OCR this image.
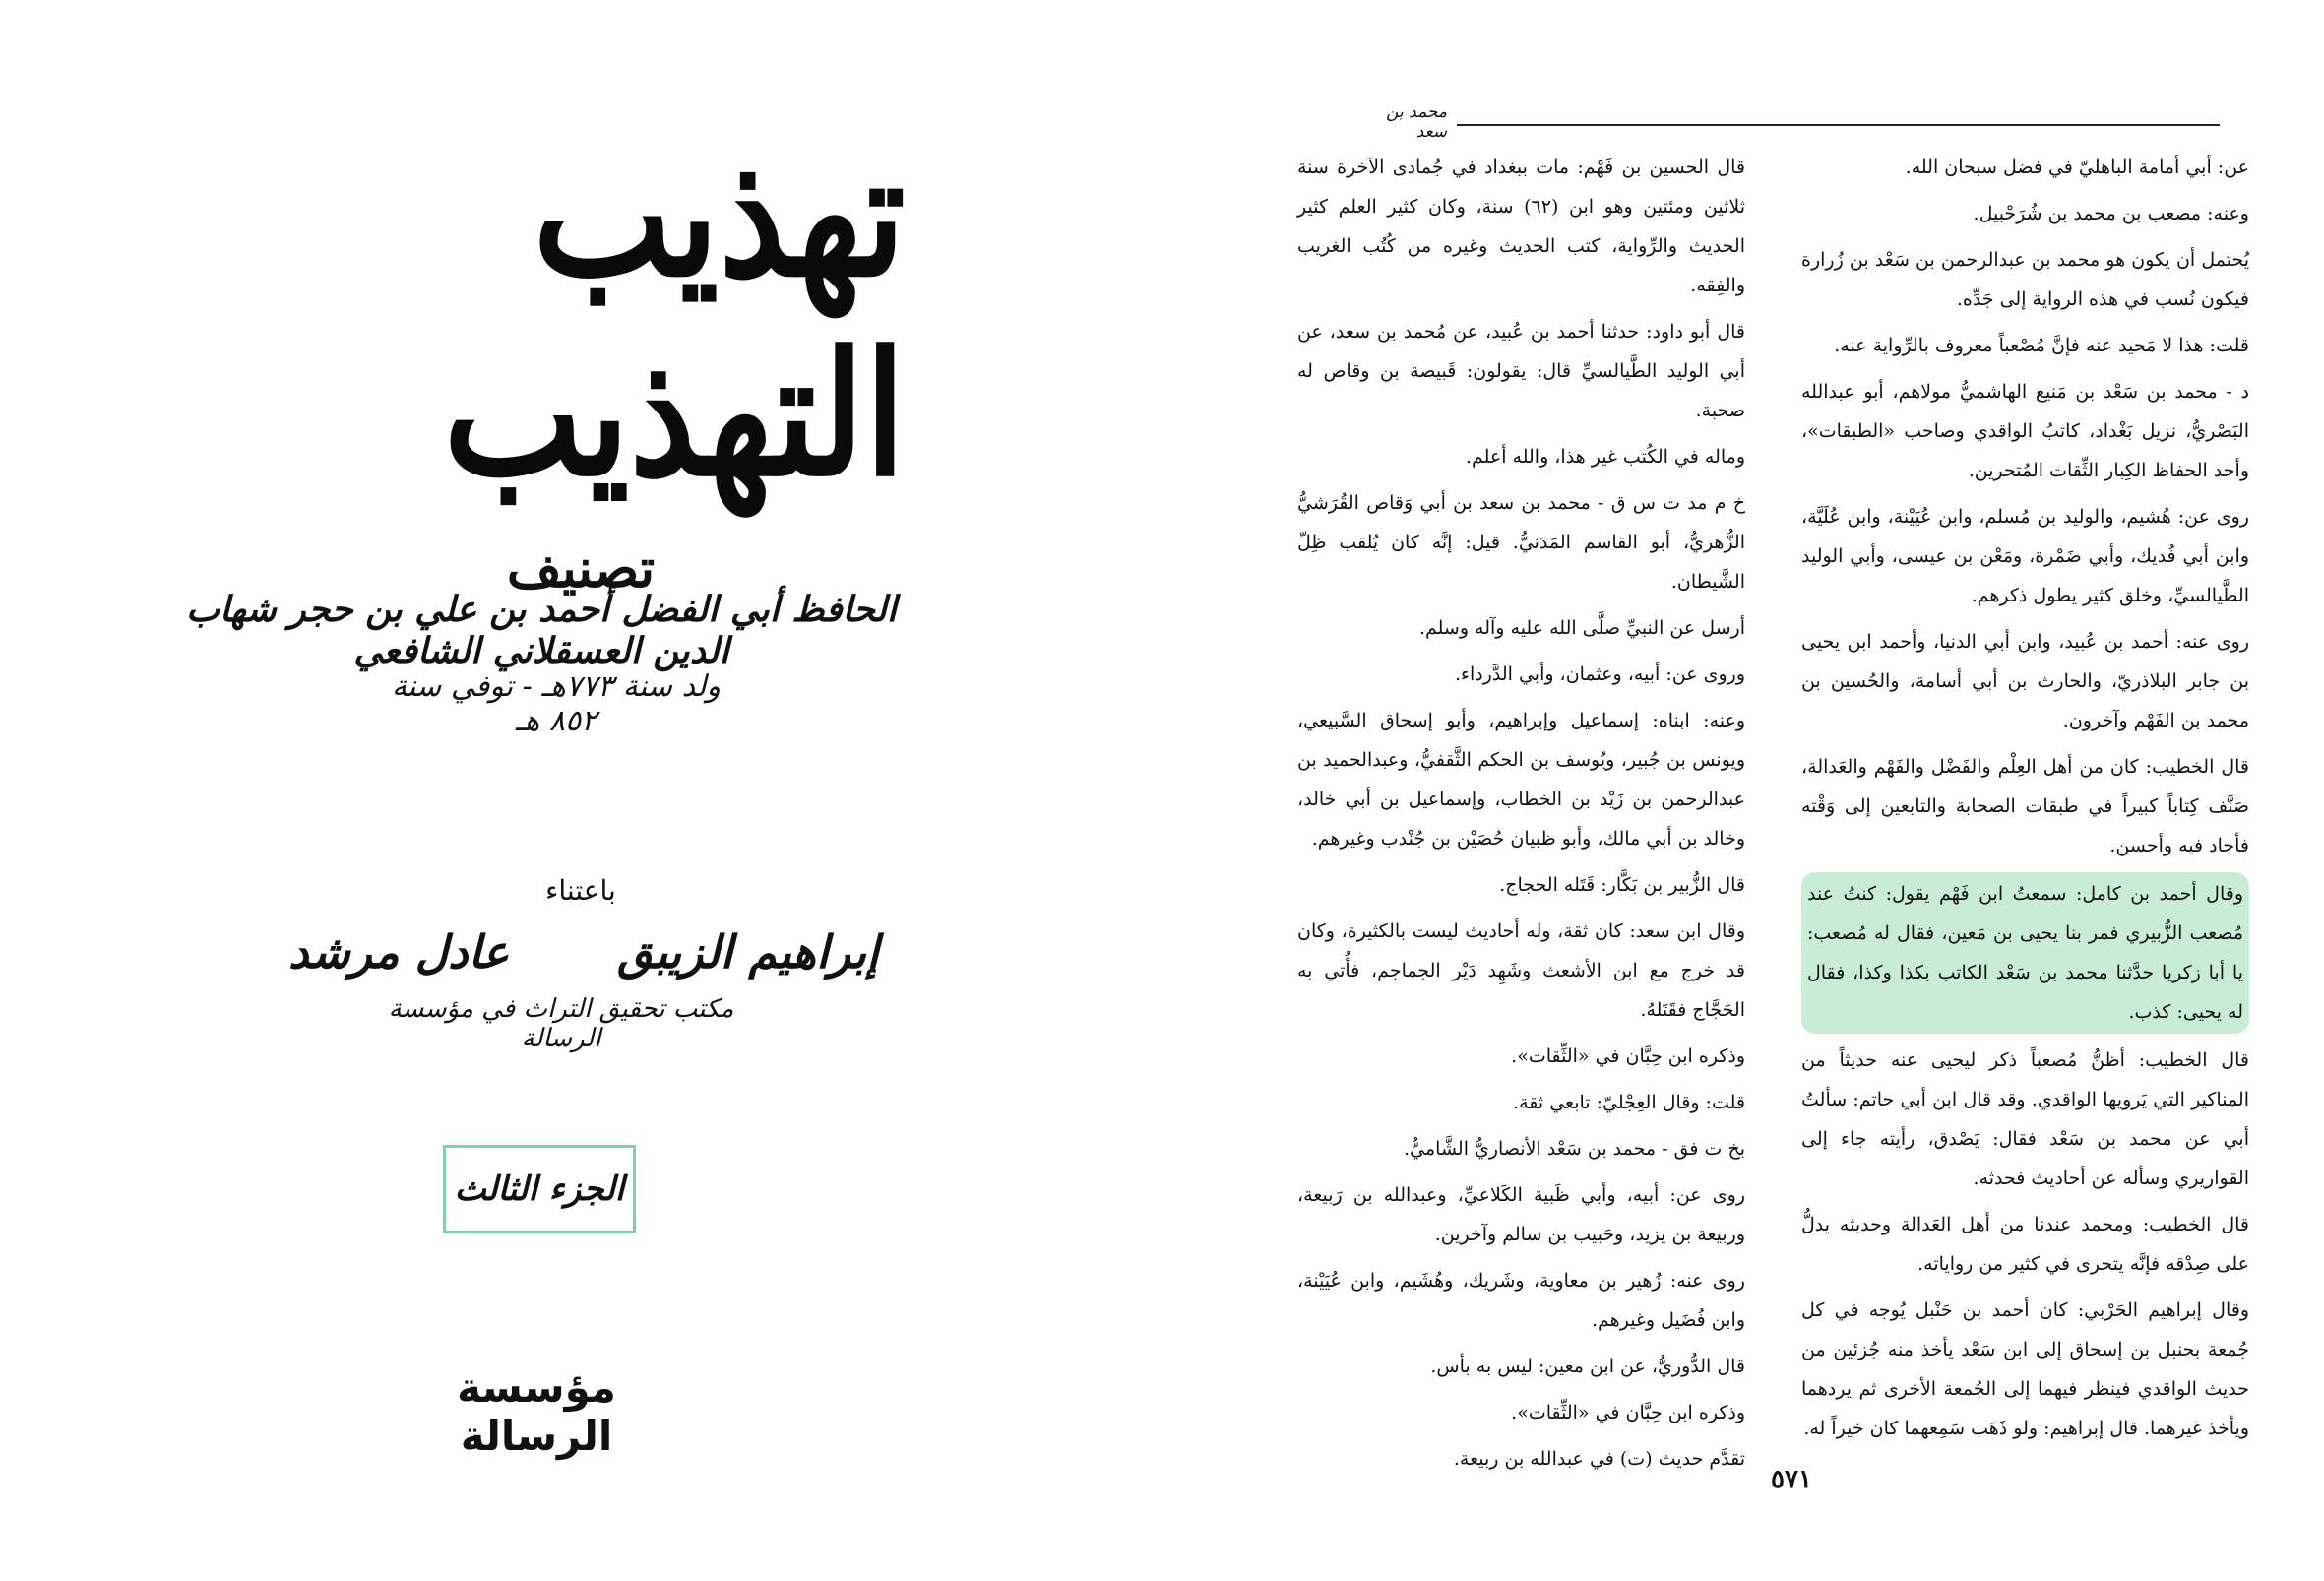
تهذيب التهذيب
تصنيف
الحافظ أبي الفضل أحمد بن علي بن حجر شهاب الدين العسقلاني الشافعي
ولد سنة ٧٧٣هـ - توفي سنة ٨٥٢ هـ
باعتناء
إبراهيم الزيبق
عادل مرشد
مكتب تحقيق التراث في مؤسسة الرسالة
الجزء الثالث
مؤسسة الرسالة
محمد بن سعد

عن: أبي أمامة الباهليّ في فضل سبحان الله.

وعنه: مصعب بن محمد بن شُرَحْبيل.

يُحتمل أن يكون هو محمد بن عبدالرحمن بن سَعْد بن زُرارة فيكون نُسب في هذه الرواية إلى جَدِّه.

قلت: هذا لا مَحيد عنه فإنَّ مُصْعباً معروف بالرِّواية عنه.

د - محمد بن سَعْد بن مَنيع الهاشميُّ مولاهم، أبو عبدالله البَصْريُّ، نزيل بَغْداد، كاتبُ الواقدي وصاحب «الطبقات»، وأحد الحفاظ الكِبار الثِّقات المُتحرين.

روى عن: هُشيم، والوليد بن مُسلم، وابن عُيَيْنة، وابن عُلَيَّة، وابن أبي فُديك، وأبي ضَمْرة، ومَعْن بن عيسى، وأبي الوليد الطَّيالسيِّ، وخلق كثير يطول ذكرهم.

روى عنه: أحمد بن عُبيد، وابن أبي الدنيا، وأحمد ابن يحيى بن جابر البلاذريّ، والحارث بن أبي أسامة، والحُسين بن محمد بن الفَهْم وآخرون.

قال الخطيب: كان من أهل العِلْم والفَضْل والفَهْم والعَدالة، صَنَّف كِتاباً كبيراً في طبقات الصحابة والتابعين إلى وَقْته فأجاد فيه وأحسن.

وقال أحمد بن كامل: سمعتُ ابن فَهْم يقول: كنتُ عند مُصعب الزُّبيري فمر بنا يحيى بن مَعين، فقال له مُصعب: يا أبا زكريا حدَّثنا محمد بن سَعْد الكاتب بكذا وكذا، فقال له يحيى: كذب.

قال الخطيب: أظنُّ مُصعباً ذكر ليحيى عنه حديثاً من المناكير التي يَرويها الواقدي. وقد قال ابن أبي حاتم: سألتُ أبي عن محمد بن سَعْد فقال: يَصْدق، رأيته جاء إلى القواريري وسأله عن أحاديث فحدثه.

قال الخطيب: ومحمد عندنا من أهل العَدالة وحديثه يدلُّ على صِدْقه فإنَّه يتحرى في كثير من رواياته.

وقال إبراهيم الحَرْبي: كان أحمد بن حَنْبل يُوجه في كل جُمعة بحنبل بن إسحاق إلى ابن سَعْد يأخذ منه جُزئين من حديث الواقدي فينظر فيهما إلى الجُمعة الأخرى ثم يردهما ويأخذ غيرهما. قال إبراهيم: ولو ذَهَب سَمِعهما كان خيراً له.

قال الحسين بن فَهْم: مات ببغداد في جُمادى الآخرة سنة ثلاثين ومئتين وهو ابن (٦٢) سنة، وكان كثير العلم كثير الحديث والرِّواية، كتب الحديث وغيره من كُتُب الغريب والفِقه.

قال أبو داود: حدثنا أحمد بن عُبيد، عن مُحمد بن سعد، عن أبي الوليد الطَّيالسيِّ قال: يقولون: قَبيصة بن وقاص له صحبة.

وماله في الكُتب غير هذا، والله أعلم.

خ م مد ت س ق - محمد بن سعد بن أبي وَقاص القُرَشيُّ الزُّهريُّ، أبو القاسم المَدَنيُّ. قيل: إنَّه كان يُلقب ظِلّ الشَّيطان.

أرسل عن النبيِّ صلَّى الله عليه وآله وسلم.

وروى عن: أبيه، وعثمان، وأبي الدَّرداء.

وعنه: ابناه: إسماعيل وإبراهيم، وأبو إسحاق السَّبيعي، ويونس بن جُبير، ويُوسف بن الحكم الثَّقفيُّ، وعبدالحميد بن عبدالرحمن بن زَيْد بن الخطاب، وإسماعيل بن أبي خالد، وخالد بن أبي مالك، وأبو ظبيان حُصَيْن بن جُنْدب وغيرهم.

قال الزُّبير بن بَكَّار: قَتَله الحجاج.

وقال ابن سعد: كان ثقة، وله أحاديث ليست بالكثيرة، وكان قد خرج مع ابن الأشعث وشَهِد دَيْر الجماجم، فأُتي به الحَجَّاج فقَتَلهُ.

وذكره ابن حِبَّان في «الثِّقات».

قلت: وقال العِجْليّ: تابعي ثقة.

بخ ت فق - محمد بن سَعْد الأنصاريُّ الشَّاميُّ.

روى عن: أبيه، وأبي ظَبية الكَلاعيِّ، وعبدالله بن رَبيعة، وربيعة بن يزيد، وحَبيب بن سالم وآخرين.

روى عنه: زُهير بن معاوية، وشَريك، وهُشَيم، وابن عُيَيْنة، وابن فُضَيل وغيرهم.

قال الدُّوريُّ، عن ابن معين: ليس به بأس.

وذكره ابن حِبَّان في «الثِّقات».

تقدَّم حديث (ت) في عبدالله بن ربيعة.

٥٧١
